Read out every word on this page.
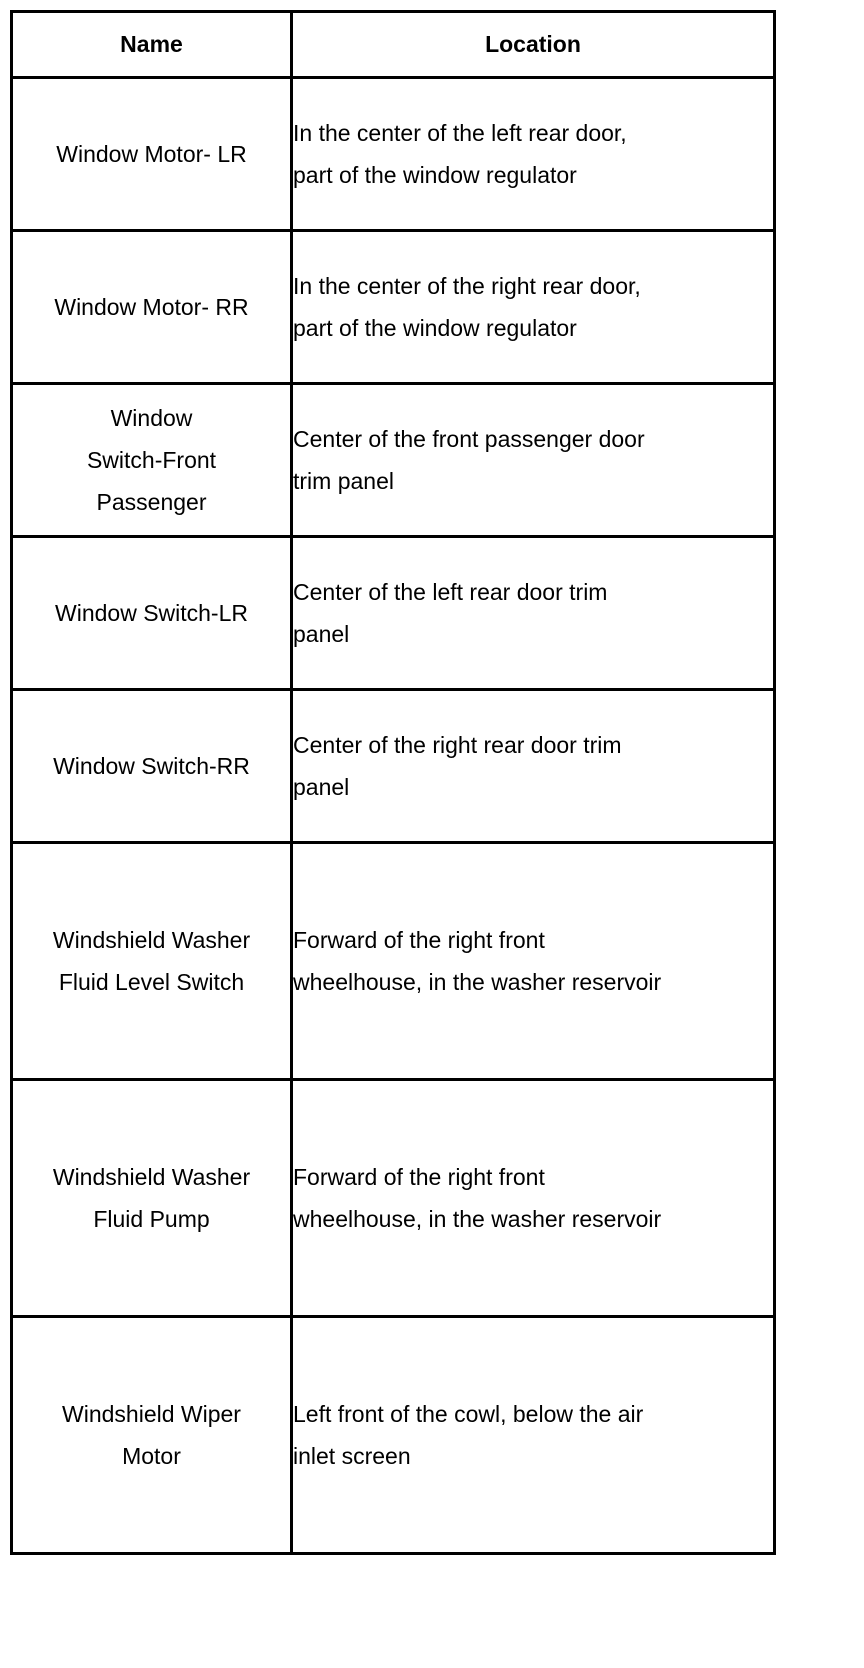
Name	Location
Window Motor- LR	In the center of the left rear door,
part of the window regulator
Window Motor- RR	In the center of the right rear door,
part of the window regulator
Window
Switch-Front
Passenger	Center of the front passenger door
trim panel
Window Switch-LR	Center of the left rear door trim
panel
Window Switch-RR	Center of the right rear door trim
panel
Windshield Washer
Fluid Level Switch	Forward of the right front
wheelhouse, in the washer reservoir
Windshield Washer
Fluid Pump	Forward of the right front
wheelhouse, in the washer reservoir
Windshield Wiper
Motor	Left front of the cowl, below the air
inlet screen
